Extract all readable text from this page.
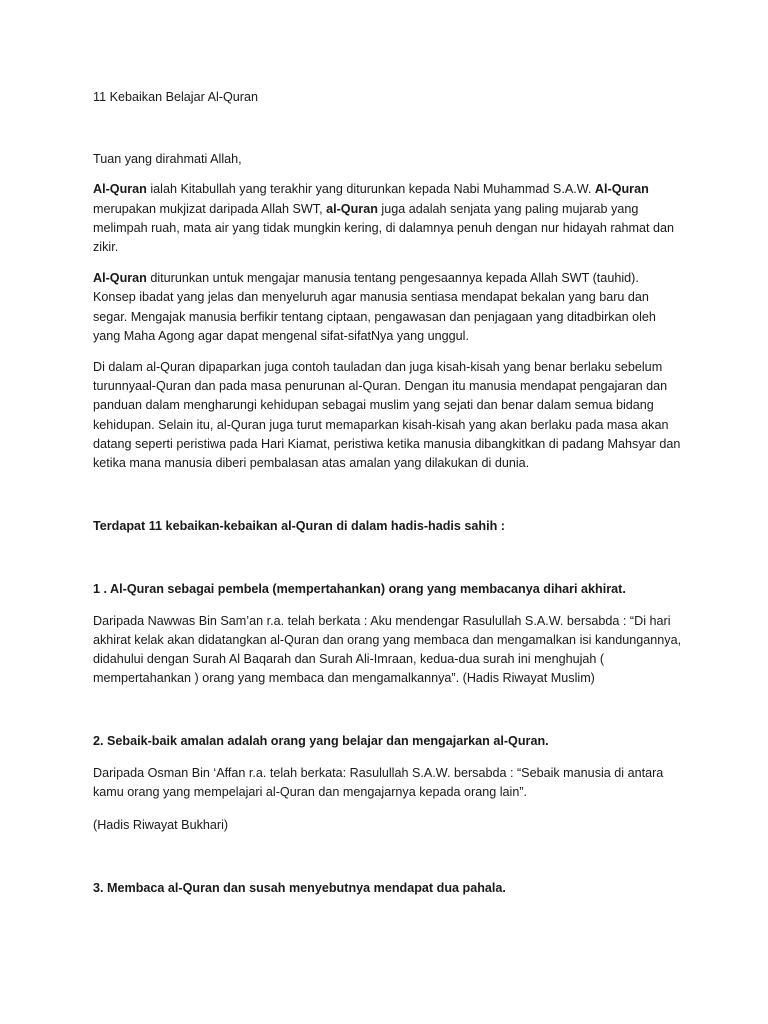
11 Kebaikan Belajar Al-Quran

Tuan yang dirahmati Allah,

Al-Quran ialah Kitabullah yang terakhir yang diturunkan kepada Nabi Muhammad S.A.W. Al-Quran merupakan mukjizat daripada Allah SWT, al-Quran juga adalah senjata yang paling mujarab yang melimpah ruah, mata air yang tidak mungkin kering, di dalamnya penuh dengan nur hidayah rahmat dan zikir.

Al-Quran diturunkan untuk mengajar manusia tentang pengesaannya kepada Allah SWT (tauhid). Konsep ibadat yang jelas dan menyeluruh agar manusia sentiasa mendapat bekalan yang baru dan segar. Mengajak manusia berfikir tentang ciptaan, pengawasan dan penjagaan yang ditadbirkan oleh yang Maha Agong agar dapat mengenal sifat-sifatNya yang unggul.

Di dalam al-Quran dipaparkan juga contoh tauladan dan juga kisah-kisah yang benar berlaku sebelum turunnyaal-Quran dan pada masa penurunan al-Quran. Dengan itu manusia mendapat pengajaran dan panduan dalam mengharungi kehidupan sebagai muslim yang sejati dan benar dalam semua bidang kehidupan. Selain itu, al-Quran juga turut memaparkan kisah-kisah yang akan berlaku pada masa akan datang seperti peristiwa pada Hari Kiamat, peristiwa ketika manusia dibangkitkan di padang Mahsyar dan ketika mana manusia diberi pembalasan atas amalan yang dilakukan di dunia.

Terdapat 11 kebaikan-kebaikan al-Quran di dalam hadis-hadis sahih :

1 . Al-Quran sebagai pembela (mempertahankan) orang yang membacanya dihari akhirat.

Daripada Nawwas Bin Sam’an r.a. telah berkata : Aku mendengar Rasulullah S.A.W. bersabda : “Di hari akhirat kelak akan didatangkan al-Quran dan orang yang membaca dan mengamalkan isi kandungannya, didahului dengan Surah Al Baqarah dan Surah Ali-Imraan, kedua-dua surah ini menghujah ( mempertahankan ) orang yang membaca dan mengamalkannya”. (Hadis Riwayat Muslim)

2. Sebaik-baik amalan adalah orang yang belajar dan mengajarkan al-Quran.

Daripada Osman Bin ‘Affan r.a. telah berkata: Rasulullah S.A.W. bersabda : “Sebaik manusia di antara kamu orang yang mempelajari al-Quran dan mengajarnya kepada orang lain”.

(Hadis Riwayat Bukhari)

3. Membaca al-Quran dan susah menyebutnya mendapat dua pahala.
